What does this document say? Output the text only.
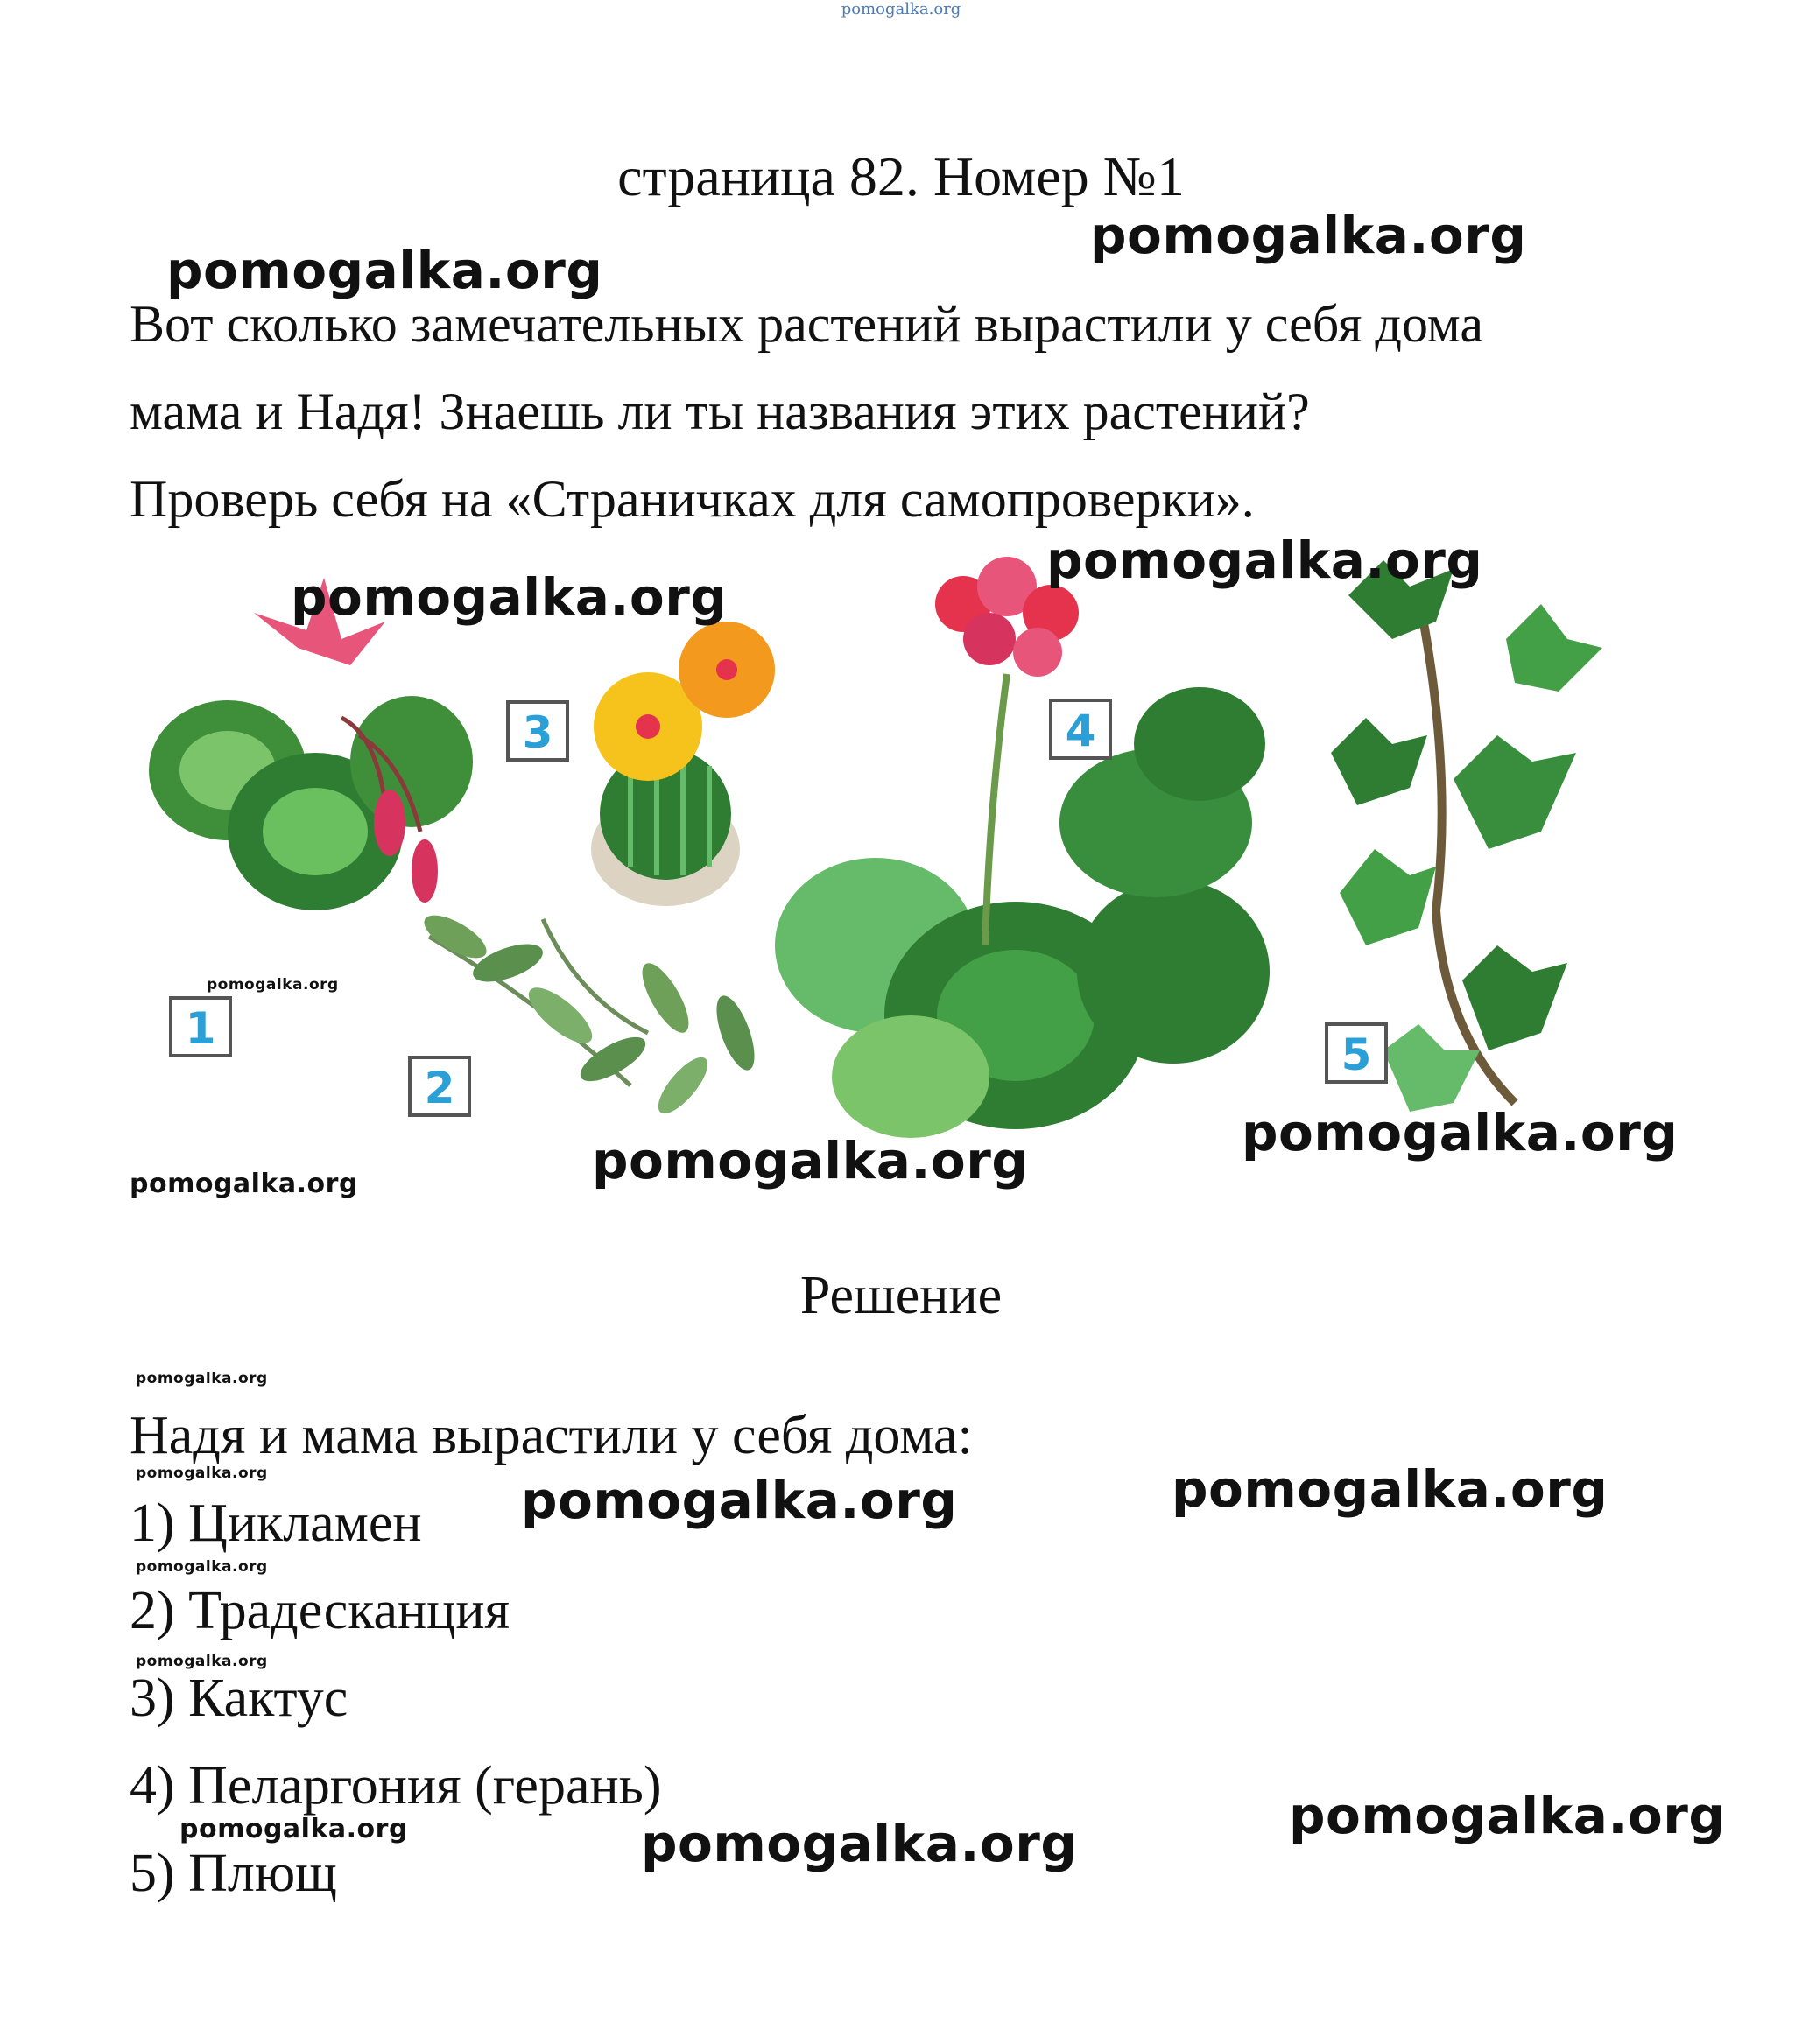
pomogalka.org
страница 82. Номер №1
pomogalka.org
pomogalka.org

Вот сколько замечательных растений вырастили у себя дома

мама и Надя! Знаешь ли ты названия этих растений?

Проверь себя на «Страничках для самопроверки».

1
2
3	4
5
pomogalka.org
pomogalka.org
pomogalka.org
pomogalka.org
pomogalka.org
pomogalka.org
Решение
pomogalka.org
Надя и мама вырастили у себя дома:
pomogalka.org	pomogalka.org
pomogalka.org
1) Цикламен
pomogalka.org
2) Традесканция
pomogalka.org
3) Кактус
4) Пеларгония (герань)	pomogalka.org
pomogalka.org	pomogalka.org
5) Плющ
